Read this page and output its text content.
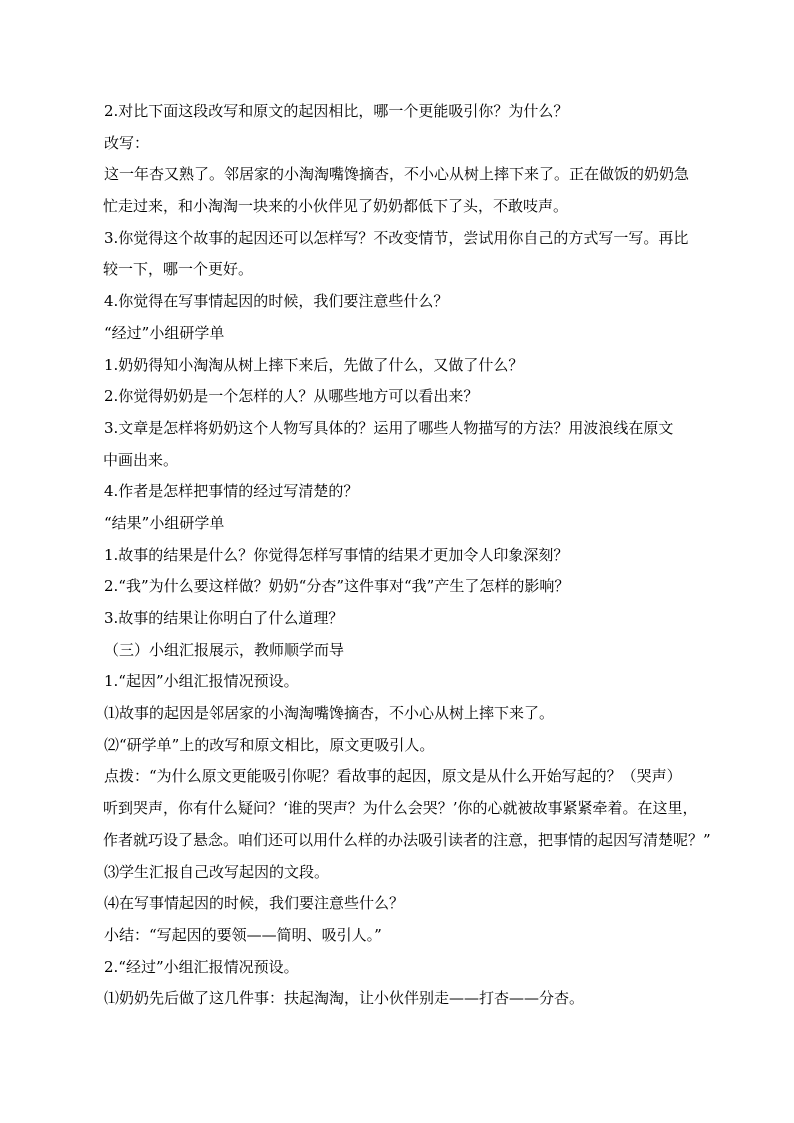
2.对比下面这段改写和原文的起因相比，哪一个更能吸引你？为什么？
改写：
这一年杏又熟了。邻居家的小淘淘嘴馋摘杏，不小心从树上摔下来了。正在做饭的奶奶急
忙走过来，和小淘淘一块来的小伙伴见了奶奶都低下了头，不敢吱声。
3.你觉得这个故事的起因还可以怎样写？不改变情节，尝试用你自己的方式写一写。再比
较一下，哪一个更好。
4.你觉得在写事情起因的时候，我们要注意些什么？
“经过”小组研学单
1.奶奶得知小淘淘从树上摔下来后，先做了什么，又做了什么？
2.你觉得奶奶是一个怎样的人？从哪些地方可以看出来？
3.文章是怎样将奶奶这个人物写具体的？运用了哪些人物描写的方法？用波浪线在原文
中画出来。
4.作者是怎样把事情的经过写清楚的？
“结果”小组研学单
1.故事的结果是什么？你觉得怎样写事情的结果才更加令人印象深刻？
2.“我”为什么要这样做？奶奶“分杏”这件事对“我”产生了怎样的影响？
3.故事的结果让你明白了什么道理？
（三）小组汇报展示，教师顺学而导
1.“起因”小组汇报情况预设。
⑴故事的起因是邻居家的小淘淘嘴馋摘杏，不小心从树上摔下来了。
⑵“研学单”上的改写和原文相比，原文更吸引人。
点拨：“为什么原文更能吸引你呢？看故事的起因，原文是从什么开始写起的？（哭声）
听到哭声，你有什么疑问？‘谁的哭声？为什么会哭？’你的心就被故事紧紧牵着。在这里，
作者就巧设了悬念。咱们还可以用什么样的办法吸引读者的注意，把事情的起因写清楚呢？”
⑶学生汇报自己改写起因的文段。
⑷在写事情起因的时候，我们要注意些什么？
小结：“写起因的要领——简明、吸引人。”
2.“经过”小组汇报情况预设。
⑴奶奶先后做了这几件事：扶起淘淘，让小伙伴别走——打杏——分杏。
